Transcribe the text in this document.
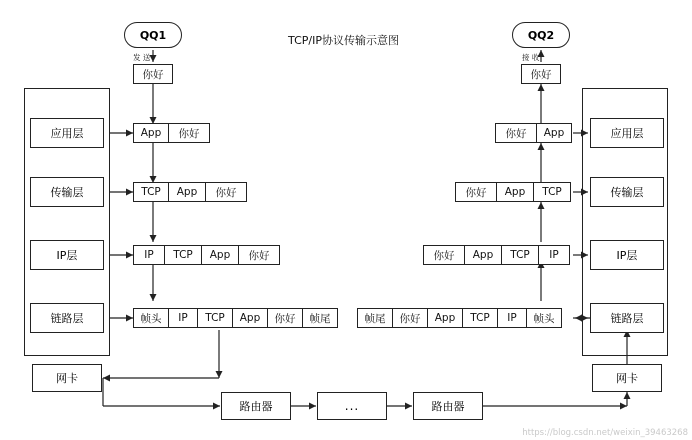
TCP/IP协议传输示意图
QQ1	QQ2
发 送	接 收
你好	你好
应用层
传输层
IP层
链路层
应用层
传输层
IP层
链路层
App	你好
TCP	App	你好
IP	TCP	App	你好
帧头	IP	TCP	App	你好	帧尾
你好	App
你好	App	TCP
你好	App	TCP	IP
帧尾	你好	App	TCP	IP	帧头
网卡	网卡
路由器	...	路由器
https://blog.csdn.net/weixin_39463268
